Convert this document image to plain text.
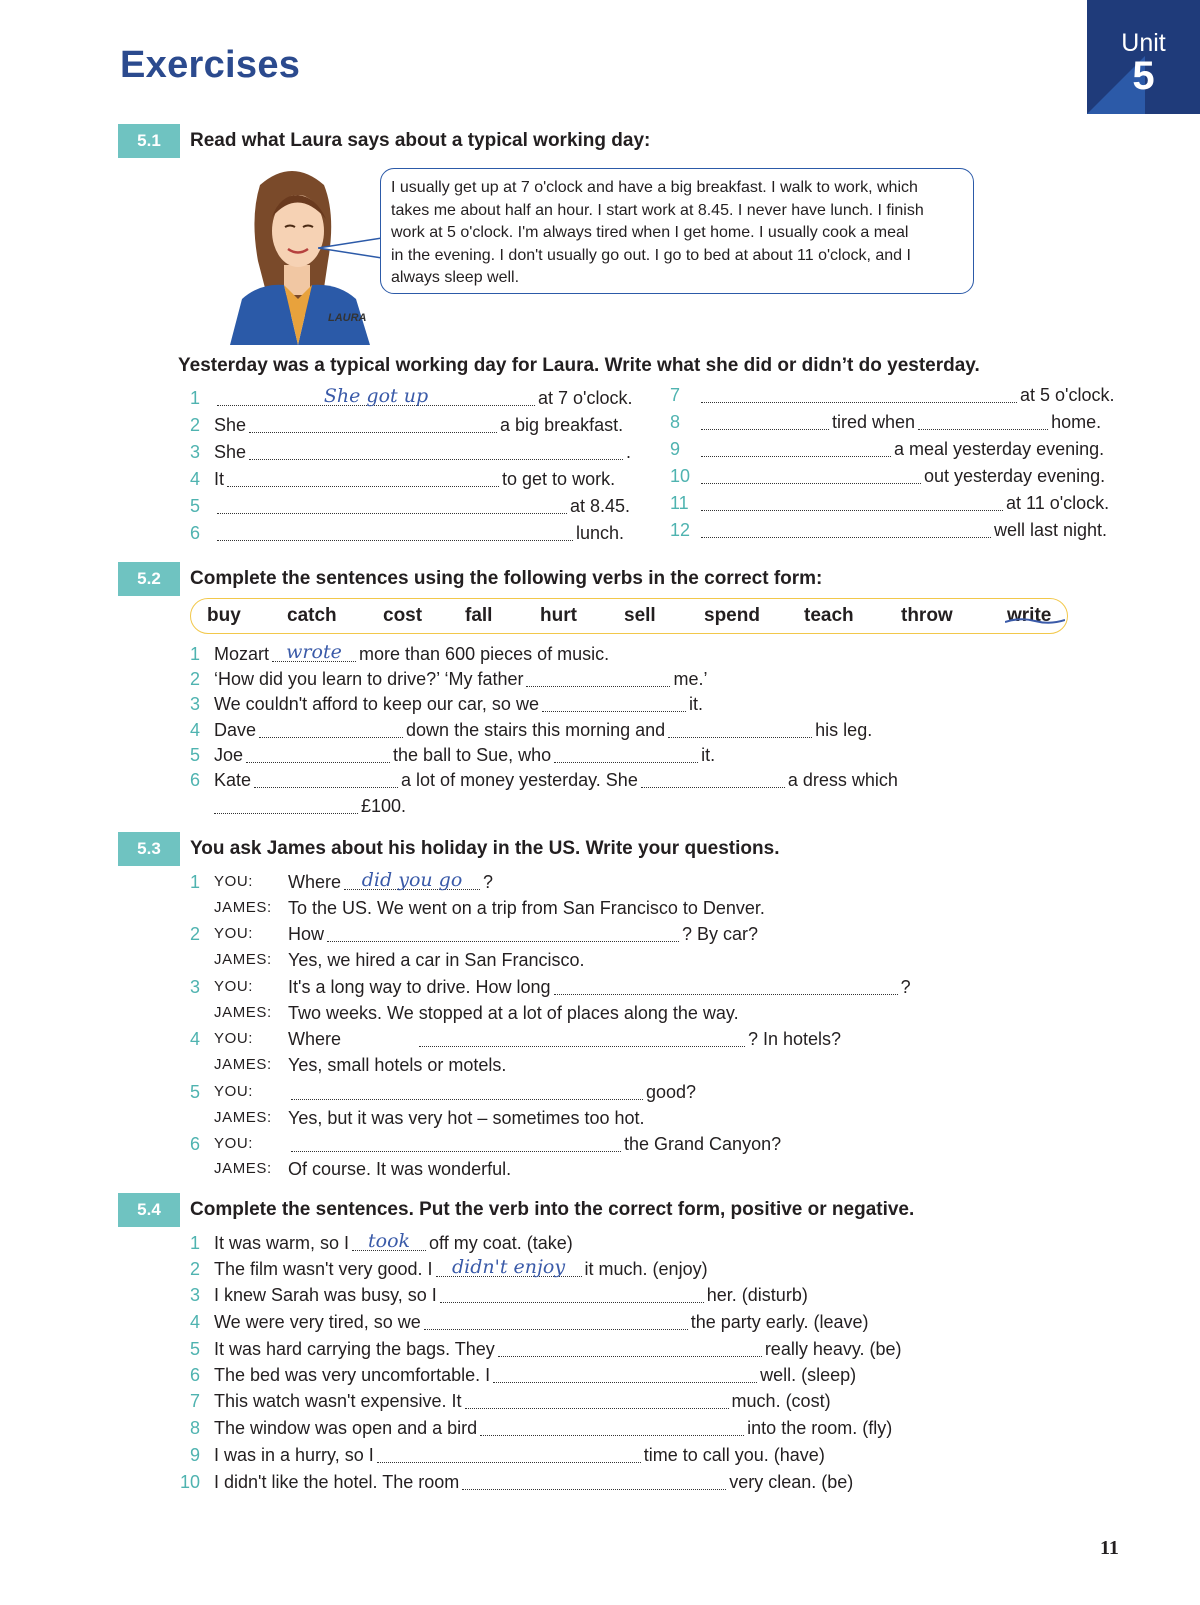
Exercises
Unit
5
5.1	Read what Laura says about a typical working day:
I usually get up at 7 o'clock and have a big breakfast. I walk to work, which
takes me about half an hour. I start work at 8.45. I never have lunch. I finish
work at 5 o'clock. I'm always tired when I get home. I usually cook a meal
in the evening. I don't usually go out. I go to bed at about 11 o'clock, and I
always sleep well.
LAURA
Yesterday was a typical working day for Laura. Write what she did or didn’t do yesterday.
1	She got up	at 7 o'clock.
2 She	a big breakfast.
3 She	.
4 It	to get to work.
5	at 8.45.
6	lunch.
7	at 5 o'clock.
8	tired when	home.
9	a meal yesterday evening.
10	out yesterday evening.
11	at 11 o'clock.
12	well last night.
5.2	Complete the sentences using the following verbs in the correct form:
buy	catch	cost	fall	hurt	sell	spend	teach	throw	write
1 Mozart wrote more than 600 pieces of music.
2 ‘How did you learn to drive?’ ‘My father	me.’
3 We couldn't afford to keep our car, so we	it.
4 Dave	down the stairs this morning and	his leg.
5 Joe	the ball to Sue, who	it.
6 Kate	a lot of money yesterday. She	a dress which
£100.
5.3	You ask James about his holiday in the US. Write your questions.
1 YOU:	Where	did you go	?
JAMES: To the US. We went on a trip from San Francisco to Denver.
2 YOU:	How	? By car?
JAMES: Yes, we hired a car in San Francisco.
3 YOU:	It's a long way to drive. How long	?
JAMES: Two weeks. We stopped at a lot of places along the way.
4 YOU:	Where	? In hotels?
JAMES: Yes, small hotels or motels.
5 YOU:	good?
JAMES: Yes, but it was very hot – sometimes too hot.
6 YOU:	the Grand Canyon?
JAMES: Of course. It was wonderful.
5.4	Complete the sentences. Put the verb into the correct form, positive or negative.
1 It was warm, so I took	off my coat. (take)
2 The film wasn't very good. I	didn't enjoy	it much. (enjoy)
3 I knew Sarah was busy, so I	her. (disturb)
4 We were very tired, so we	the party early. (leave)
5 It was hard carrying the bags. They	really heavy. (be)
6 The bed was very uncomfortable. I	well. (sleep)
7 This watch wasn't expensive. It	much. (cost)
8 The window was open and a bird	into the room. (fly)
9 I was in a hurry, so I	time to call you. (have)
10 I didn't like the hotel. The room	very clean. (be)
11
